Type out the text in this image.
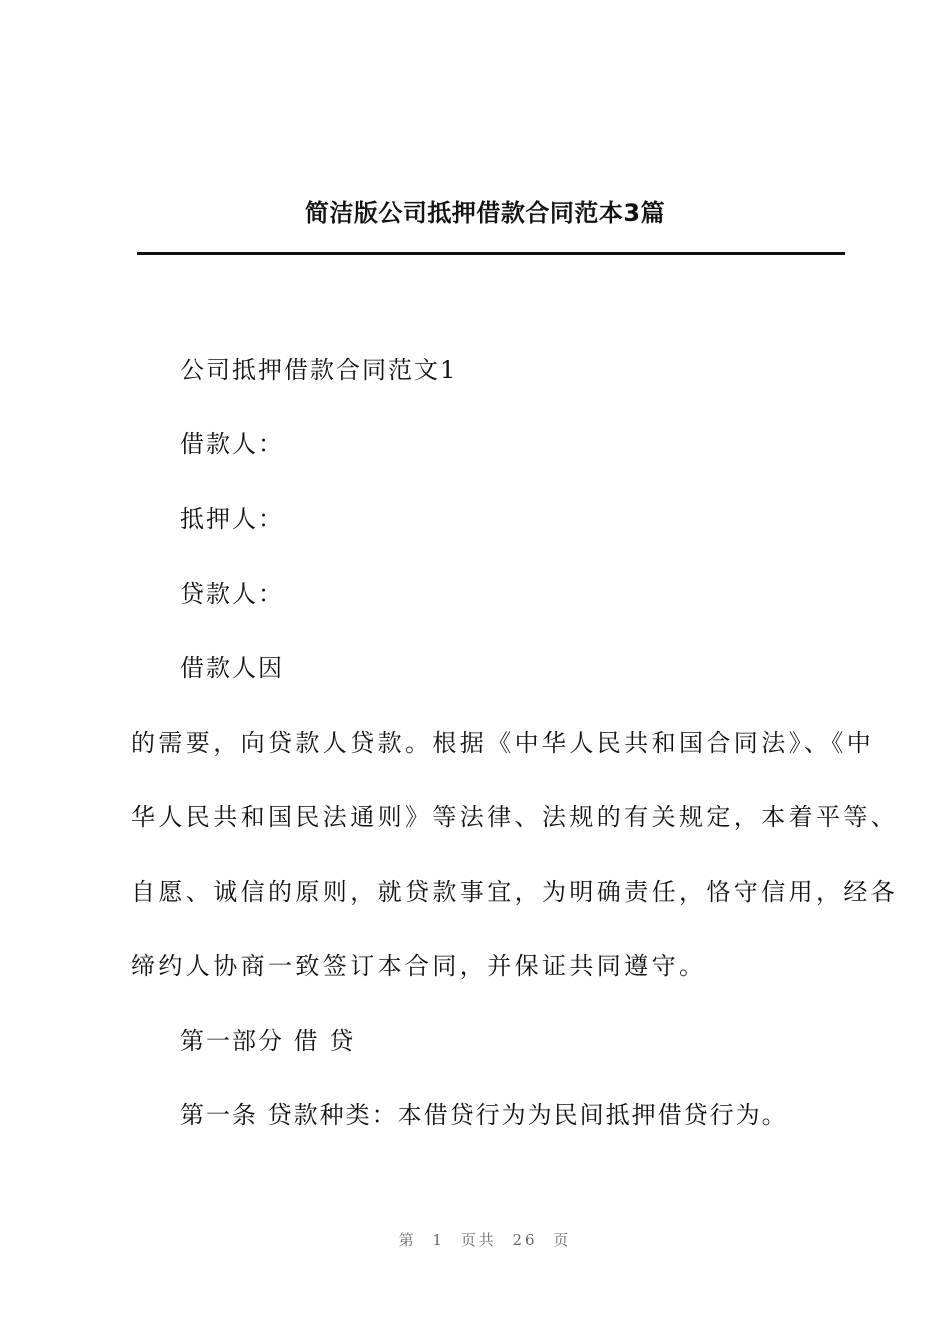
简洁版公司抵押借款合同范本3篇
公司抵押借款合同范文1
借款人：
抵押人：
贷款人：
借款人因
的需要，向贷款人贷款。根据《中华人民共和国合同法》、《中
华人民共和国民法通则》等法律、法规的有关规定，本着平等、
自愿、诚信的原则，就贷款事宜，为明确责任，恪守信用，经各
缔约人协商一致签订本合同，并保证共同遵守。
第一部分 借 贷
第一条 贷款种类：本借贷行为为民间抵押借贷行为。
第 1 页共 26 页
